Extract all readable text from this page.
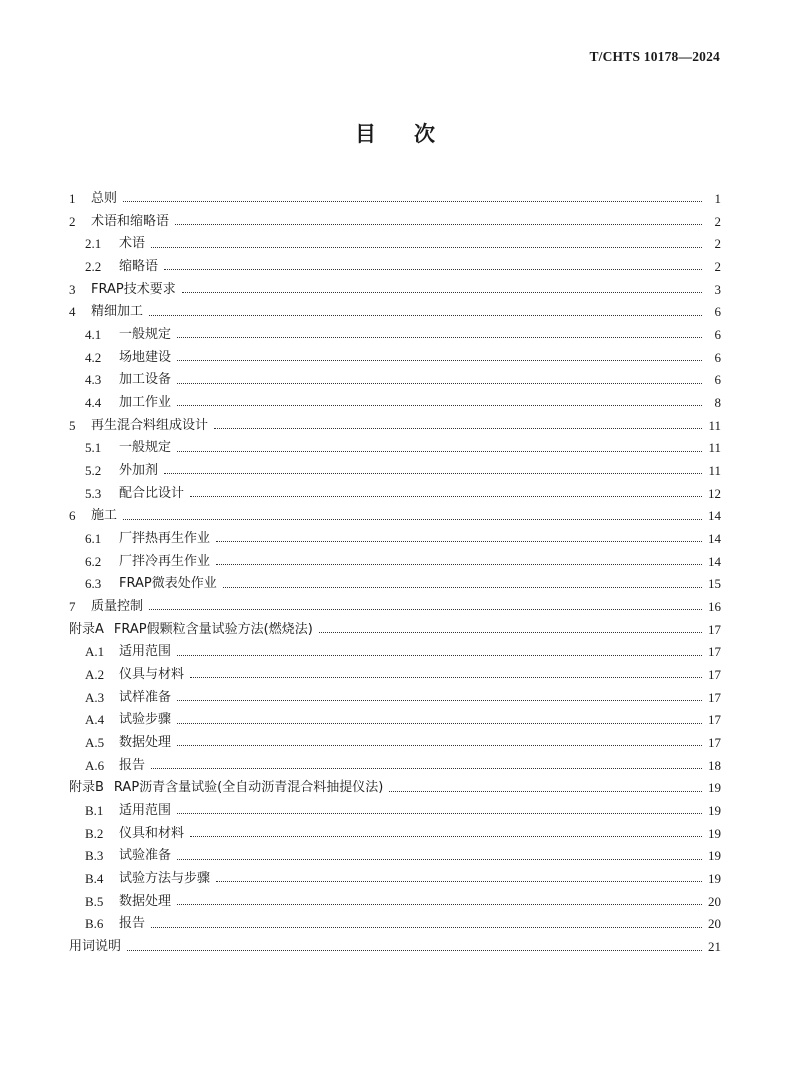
T/CHTS 10178—2024
目 次
1	总则	1
2	术语和缩略语	2
2.1	术语	2
2.2	缩略语	2
3	FRAP技术要求	3
4	精细加工	6
4.1	一般规定	6
4.2	场地建设	6
4.3	加工设备	6
4.4	加工作业	8
5	再生混合料组成设计	11
5.1	一般规定	11
5.2	外加剂	11
5.3	配合比设计	12
6	施工	14
6.1	厂拌热再生作业	14
6.2	厂拌冷再生作业	14
6.3	FRAP微表处作业	15
7	质量控制	16
附录A FRAP假颗粒含量试验方法(燃烧法)	17
A.1	适用范围	17
A.2	仪具与材料	17
A.3	试样准备	17
A.4	试验步骤	17
A.5	数据处理	17
A.6	报告	18
附录B RAP沥青含量试验(全自动沥青混合料抽提仪法)	19
B.1	适用范围	19
B.2	仪具和材料	19
B.3	试验准备	19
B.4	试验方法与步骤	19
B.5	数据处理	20
B.6	报告	20
用词说明	21
